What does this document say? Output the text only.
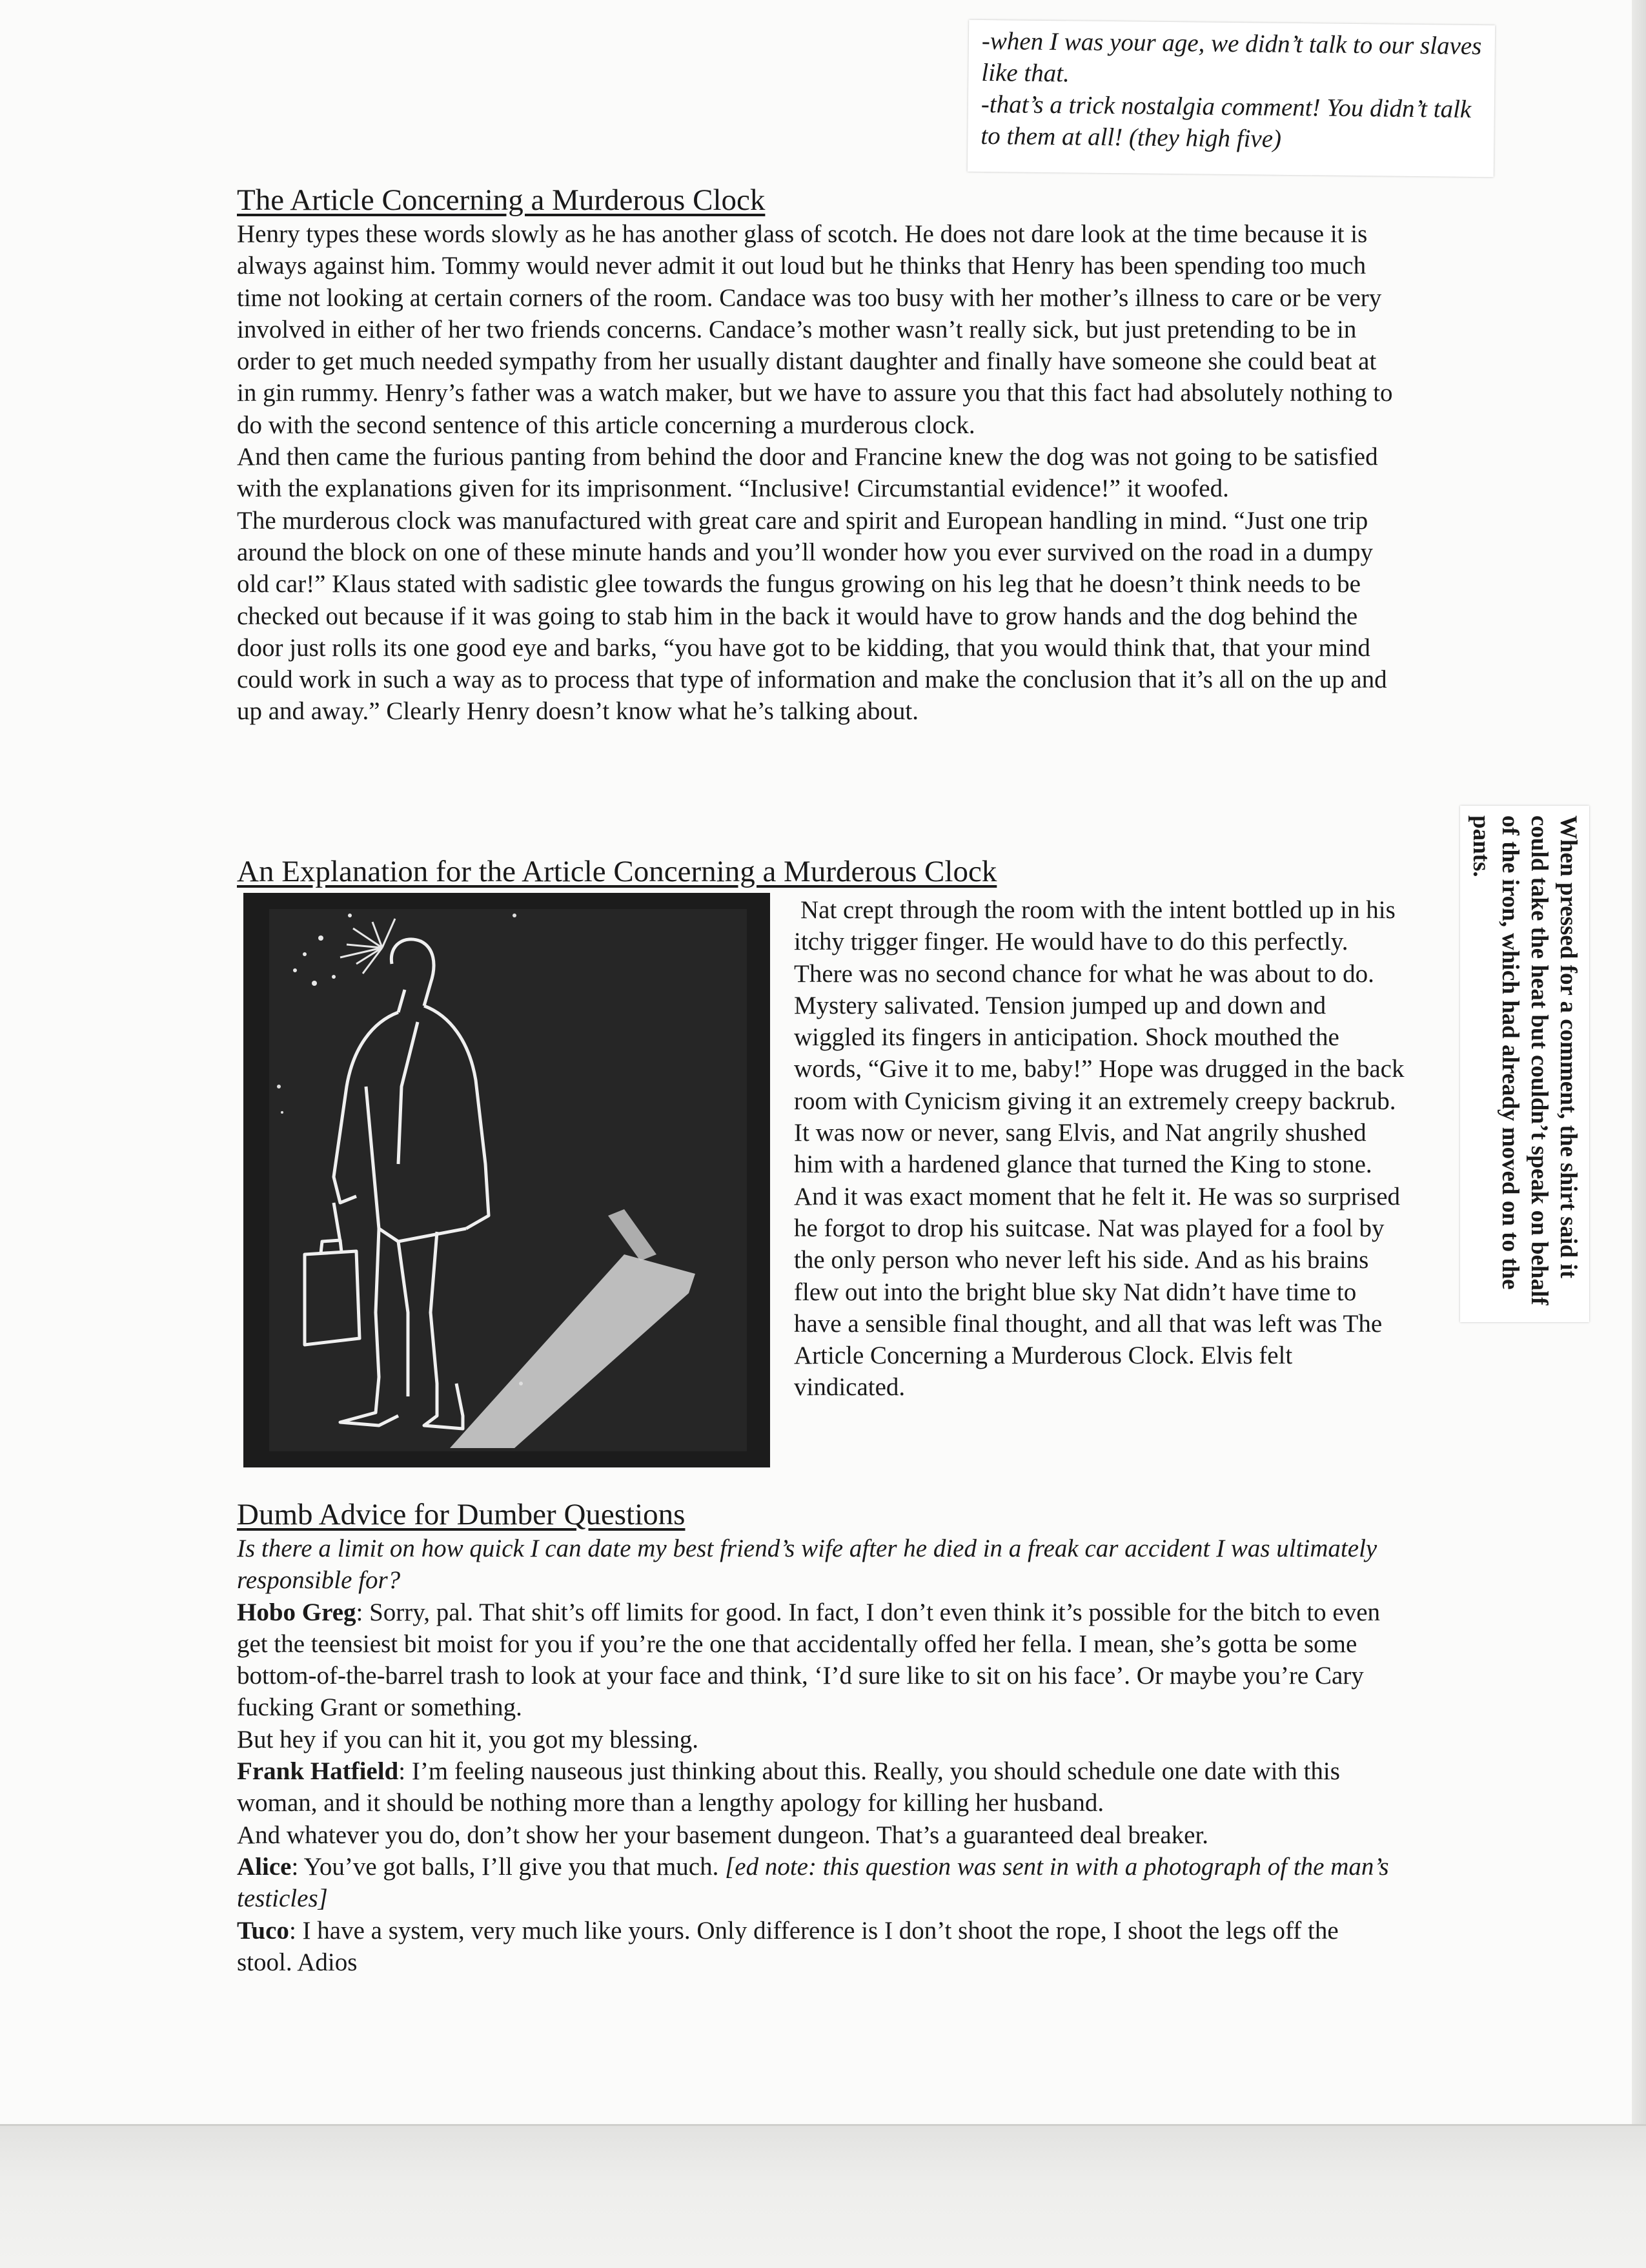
-when I was your age, we didn’t talk to our slaves like that.

-that’s a trick nostalgia comment! You didn’t talk to them at all! (they high five)

When pressed for a comment, the shirt said it could take the heat but couldn’t speak on behalf of the iron, which had already moved on to the pants.
The Article Concerning a Murderous Clock

Henry types these words slowly as he has another glass of scotch. He does not dare look at the time because it is always against him. Tommy would never admit it out loud but he thinks that Henry has been spending too much time not looking at certain corners of the room. Candace was too busy with her mother’s illness to care or be very involved in either of her two friends concerns. Candace’s mother wasn’t really sick, but just pretending to be in order to get much needed sympathy from her usually distant daughter and finally have someone she could beat at in gin rummy. Henry’s father was a watch maker, but we have to assure you that this fact had absolutely nothing to do with the second sentence of this article concerning a murderous clock.

And then came the furious panting from behind the door and Francine knew the dog was not going to be satisfied with the explanations given for its imprisonment. “Inclusive! Circumstantial evidence!” it woofed.

The murderous clock was manufactured with great care and spirit and European handling in mind. “Just one trip around the block on one of these minute hands and you’ll wonder how you ever survived on the road in a dumpy old car!” Klaus stated with sadistic glee towards the fungus growing on his leg that he doesn’t think needs to be checked out because if it was going to stab him in the back it would have to grow hands and the dog behind the door just rolls its one good eye and barks, “you have got to be kidding, that you would think that, that your mind could work in such a way as to process that type of information and make the conclusion that it’s all on the up and up and away.” Clearly Henry doesn’t know what he’s talking about.

An Explanation for the Article Concerning a Murderous Clock

Nat crept through the room with the intent bottled up in his itchy trigger finger. He would have to do this perfectly. There was no second chance for what he was about to do. Mystery salivated. Tension jumped up and down and wiggled its fingers in anticipation. Shock mouthed the words, “Give it to me, baby!” Hope was drugged in the back room with Cynicism giving it an extremely creepy backrub. It was now or never, sang Elvis, and Nat angrily shushed him with a hardened glance that turned the King to stone.

And it was exact moment that he felt it. He was so surprised he forgot to drop his suitcase. Nat was played for a fool by the only person who never left his side. And as his brains flew out into the bright blue sky Nat didn’t have time to have a sensible final thought, and all that was left was The Article Concerning a Murderous Clock. Elvis felt vindicated.

Dumb Advice for Dumber Questions

Is there a limit on how quick I can date my best friend’s wife after he died in a freak car accident I was ultimately responsible for?

Hobo Greg: Sorry, pal. That shit’s off limits for good. In fact, I don’t even think it’s possible for the bitch to even get the teensiest bit moist for you if you’re the one that accidentally offed her fella. I mean, she’s gotta be some bottom-of-the-barrel trash to look at your face and think, ‘I’d sure like to sit on his face’. Or maybe you’re Cary fucking Grant or something.

But hey if you can hit it, you got my blessing.

Frank Hatfield: I’m feeling nauseous just thinking about this. Really, you should schedule one date with this woman, and it should be nothing more than a lengthy apology for killing her husband.

And whatever you do, don’t show her your basement dungeon. That’s a guaranteed deal breaker.

Alice: You’ve got balls, I’ll give you that much. [ed note: this question was sent in with a photograph of the man’s testicles]

Tuco: I have a system, very much like yours. Only difference is I don’t shoot the rope, I shoot the legs off the stool. Adios
